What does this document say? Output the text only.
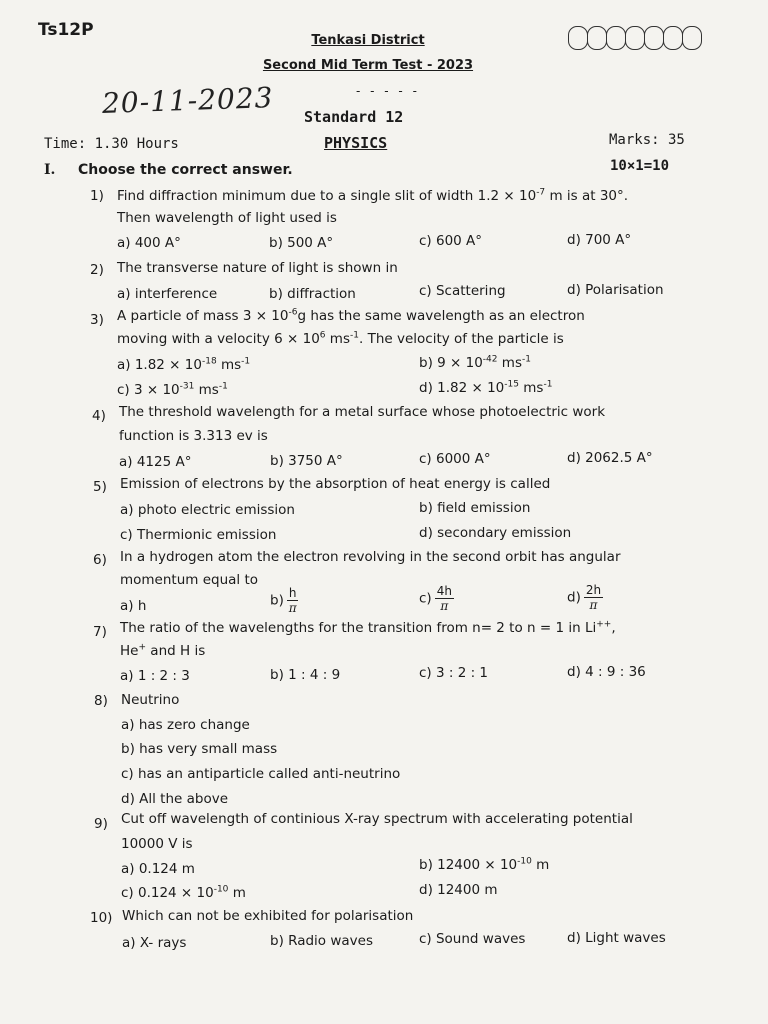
Ts12P
Tenkasi District
Second Mid Term Test - 2023
20-11-2023	- - - - -
Standard 12
Time: 1.30 Hours	PHYSICS	Marks: 35
I. Choose the correct answer.	10×1=10
1) Find diffraction minimum due to a single slit of width $1.2 \times 10^{-7}$ m is at 30°.
Then wavelength of light used is
a) 400 A°	b) 500 A°	c) 600 A°	d) 700 A°
2) The transverse nature of light is shown in
a) interference	b) diffraction	c) Scattering	d) Polarisation
3) A particle of mass $3 \times 10^{-6}g$ has the same wavelength as an electron
moving with a velocity $6 \times 10^6$ $ms^{-1}$. The velocity of the particle is
a) $1.82 \times 10^{-18}$ $ms^{-1}$	b) $9 \times 10^{-42}$ $ms^{-1}$
c) $3 \times 10^{-31}$ $ms^{-1}$	d) $1.82 \times 10^{-15}$ $ms^{-1}$
4) The threshold wavelength for a metal surface whose photoelectric work
function is 3.313 ev is
a) 4125 A°	b) 3750 A°	c) 6000 A°	d) 2062.5 A°
5) Emission of electrons by the absorption of heat energy is called
a) photo electric emission	b) field emission
c) Thermionic emission	d) secondary emission
6) In a hydrogen atom the electron revolving in the second orbit has angular
momentum equal to
a) h	$b) \frac{h}{\pi}$	$c) \frac{4h}{\pi}$	$d) \frac{2h}{\pi}$
7) The ratio of the wavelengths for the transition from n= 2 to n = 1 in Li++,
He+ and H is
a) 1 : 2 : 3	b) 1 : 4 : 9	c) 3 : 2 : 1	d) 4 : 9 : 36
8) Neutrino
a) has zero change
b) has very small mass
c) has an antiparticle called anti-neutrino
d) All the above
9) Cut off wavelength of continious X-ray spectrum with accelerating potential
10000 V is
a) 0.124 m	b) $12400 \times 10^{-10}$ m
c) $0.124 \times 10^{-10}$ m	d) 12400 m
10) Which can not be exhibited for polarisation
a) X- rays	b) Radio waves	c) Sound waves	d) Light waves
